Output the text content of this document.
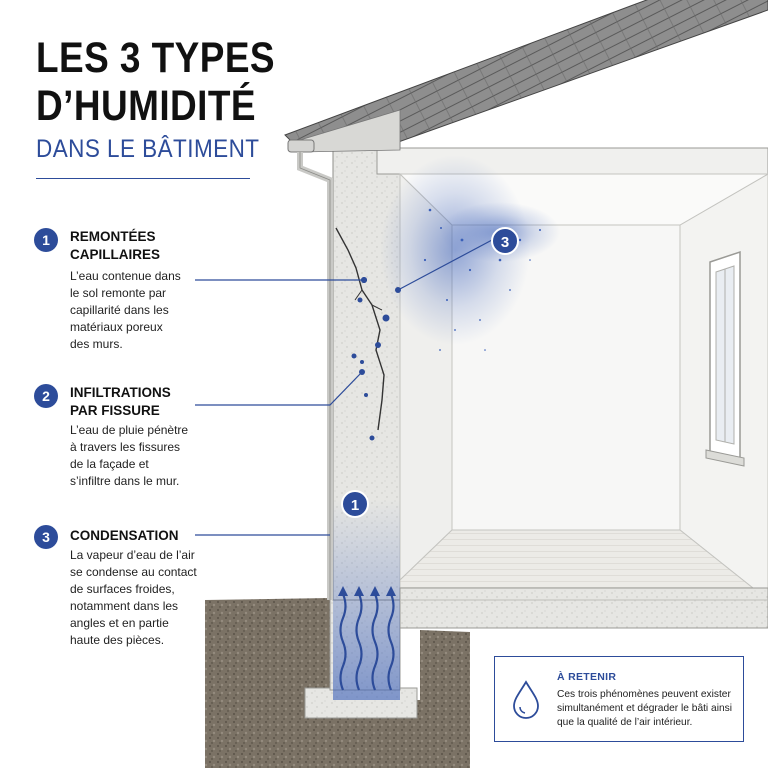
3
1
LES 3 TYPES
D’HUMIDITÉ
DANS LE BÂTIMENT
1	REMONTÉES
CAPILLAIRES
L’eau contenue dans
le sol remonte par
capillarité dans les
matériaux poreux
des murs.
2	INFILTRATIONS
PAR FISSURE
L’eau de pluie pénètre
à travers les fissures
de la façade et
s’infiltre dans le mur.
3	CONDENSATION
La vapeur d’eau de l’air
se condense au contact
de surfaces froides,
notamment dans les
angles et en partie
haute des pièces.
À RETENIR
Ces trois phénomènes peuvent exister
simultanément et dégrader le bâti ainsi
que la qualité de l’air intérieur.
